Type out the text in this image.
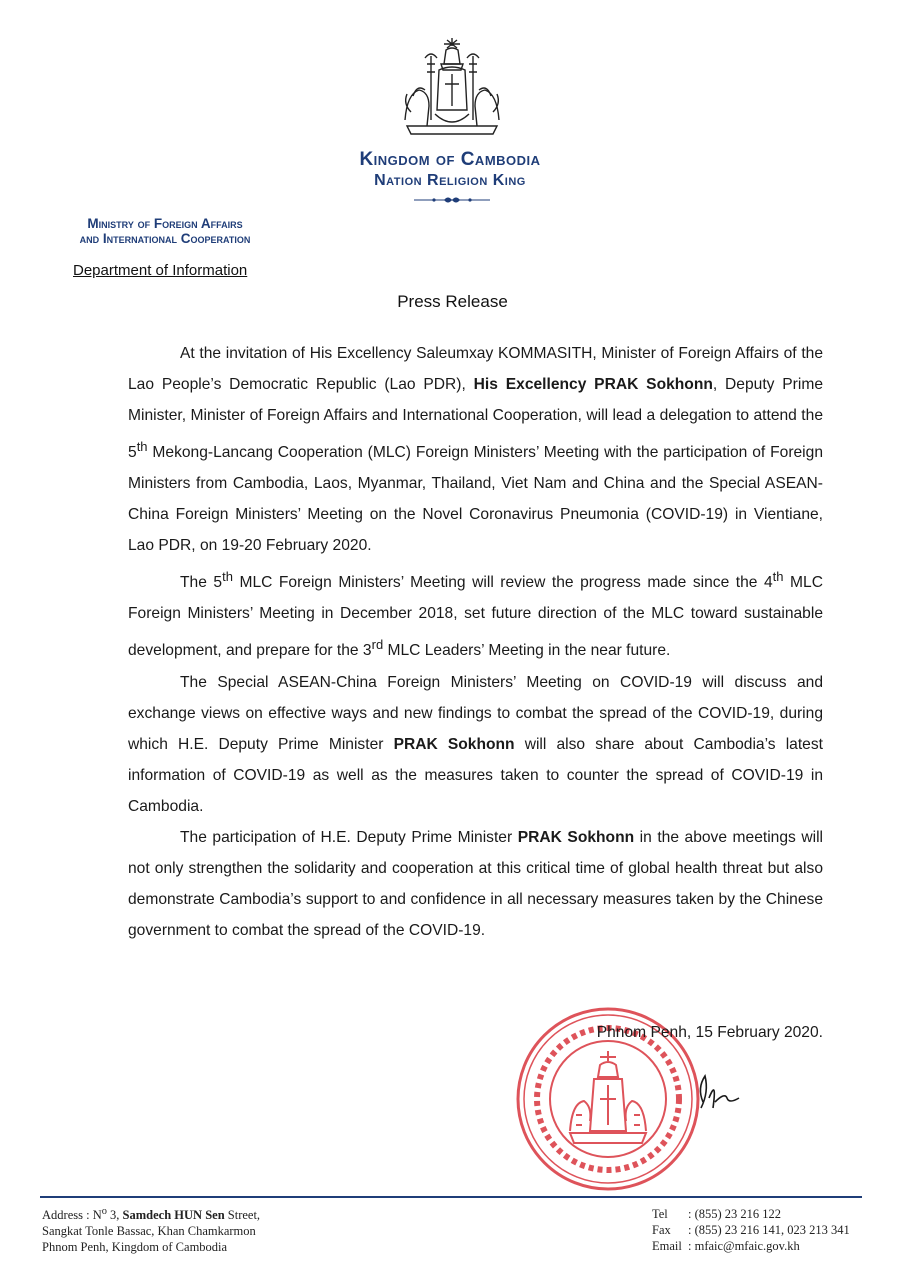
Kingdom of Cambodia
Nation Religion King
Ministry of Foreign Affairs
and International Cooperation
Department of Information
Press Release

At the invitation of His Excellency Saleumxay KOMMASITH, Minister of Foreign Affairs of the Lao People’s Democratic Republic (Lao PDR), His Excellency PRAK Sokhonn, Deputy Prime Minister, Minister of Foreign Affairs and International Cooperation, will lead a delegation to attend the 5th Mekong-Lancang Cooperation (MLC) Foreign Ministers’ Meeting with the participation of Foreign Ministers from Cambodia, Laos, Myanmar, Thailand, Viet Nam and China and the Special ASEAN-China Foreign Ministers’ Meeting on the Novel Coronavirus Pneumonia (COVID-19) in Vientiane, Lao PDR, on 19-20 February 2020.

The 5th MLC Foreign Ministers’ Meeting will review the progress made since the 4th MLC Foreign Ministers’ Meeting in December 2018, set future direction of the MLC toward sustainable development, and prepare for the 3rd MLC Leaders’ Meeting in the near future.

The Special ASEAN-China Foreign Ministers’ Meeting on COVID-19 will discuss and exchange views on effective ways and new findings to combat the spread of the COVID-19, during which H.E. Deputy Prime Minister PRAK Sokhonn will also share about Cambodia’s latest information of COVID-19 as well as the measures taken to counter the spread of COVID-19 in Cambodia.

The participation of H.E. Deputy Prime Minister PRAK Sokhonn in the above meetings will not only strengthen the solidarity and cooperation at this critical time of global health threat but also demonstrate Cambodia’s support to and confidence in all necessary measures taken by the Chinese government to combat the spread of the COVID-19.

Phnom Penh, 15 February 2020.
Address : $N^o$ 3, Samdech HUN Sen Street,
Sangkat Tonle Bassac, Khan Chamkarmon
Phnom Penh, Kingdom of Cambodia
Tel : (855) 23 216 122
Fax : (855) 23 216 141, 023 213 341
Email : mfaic@mfaic.gov.kh
